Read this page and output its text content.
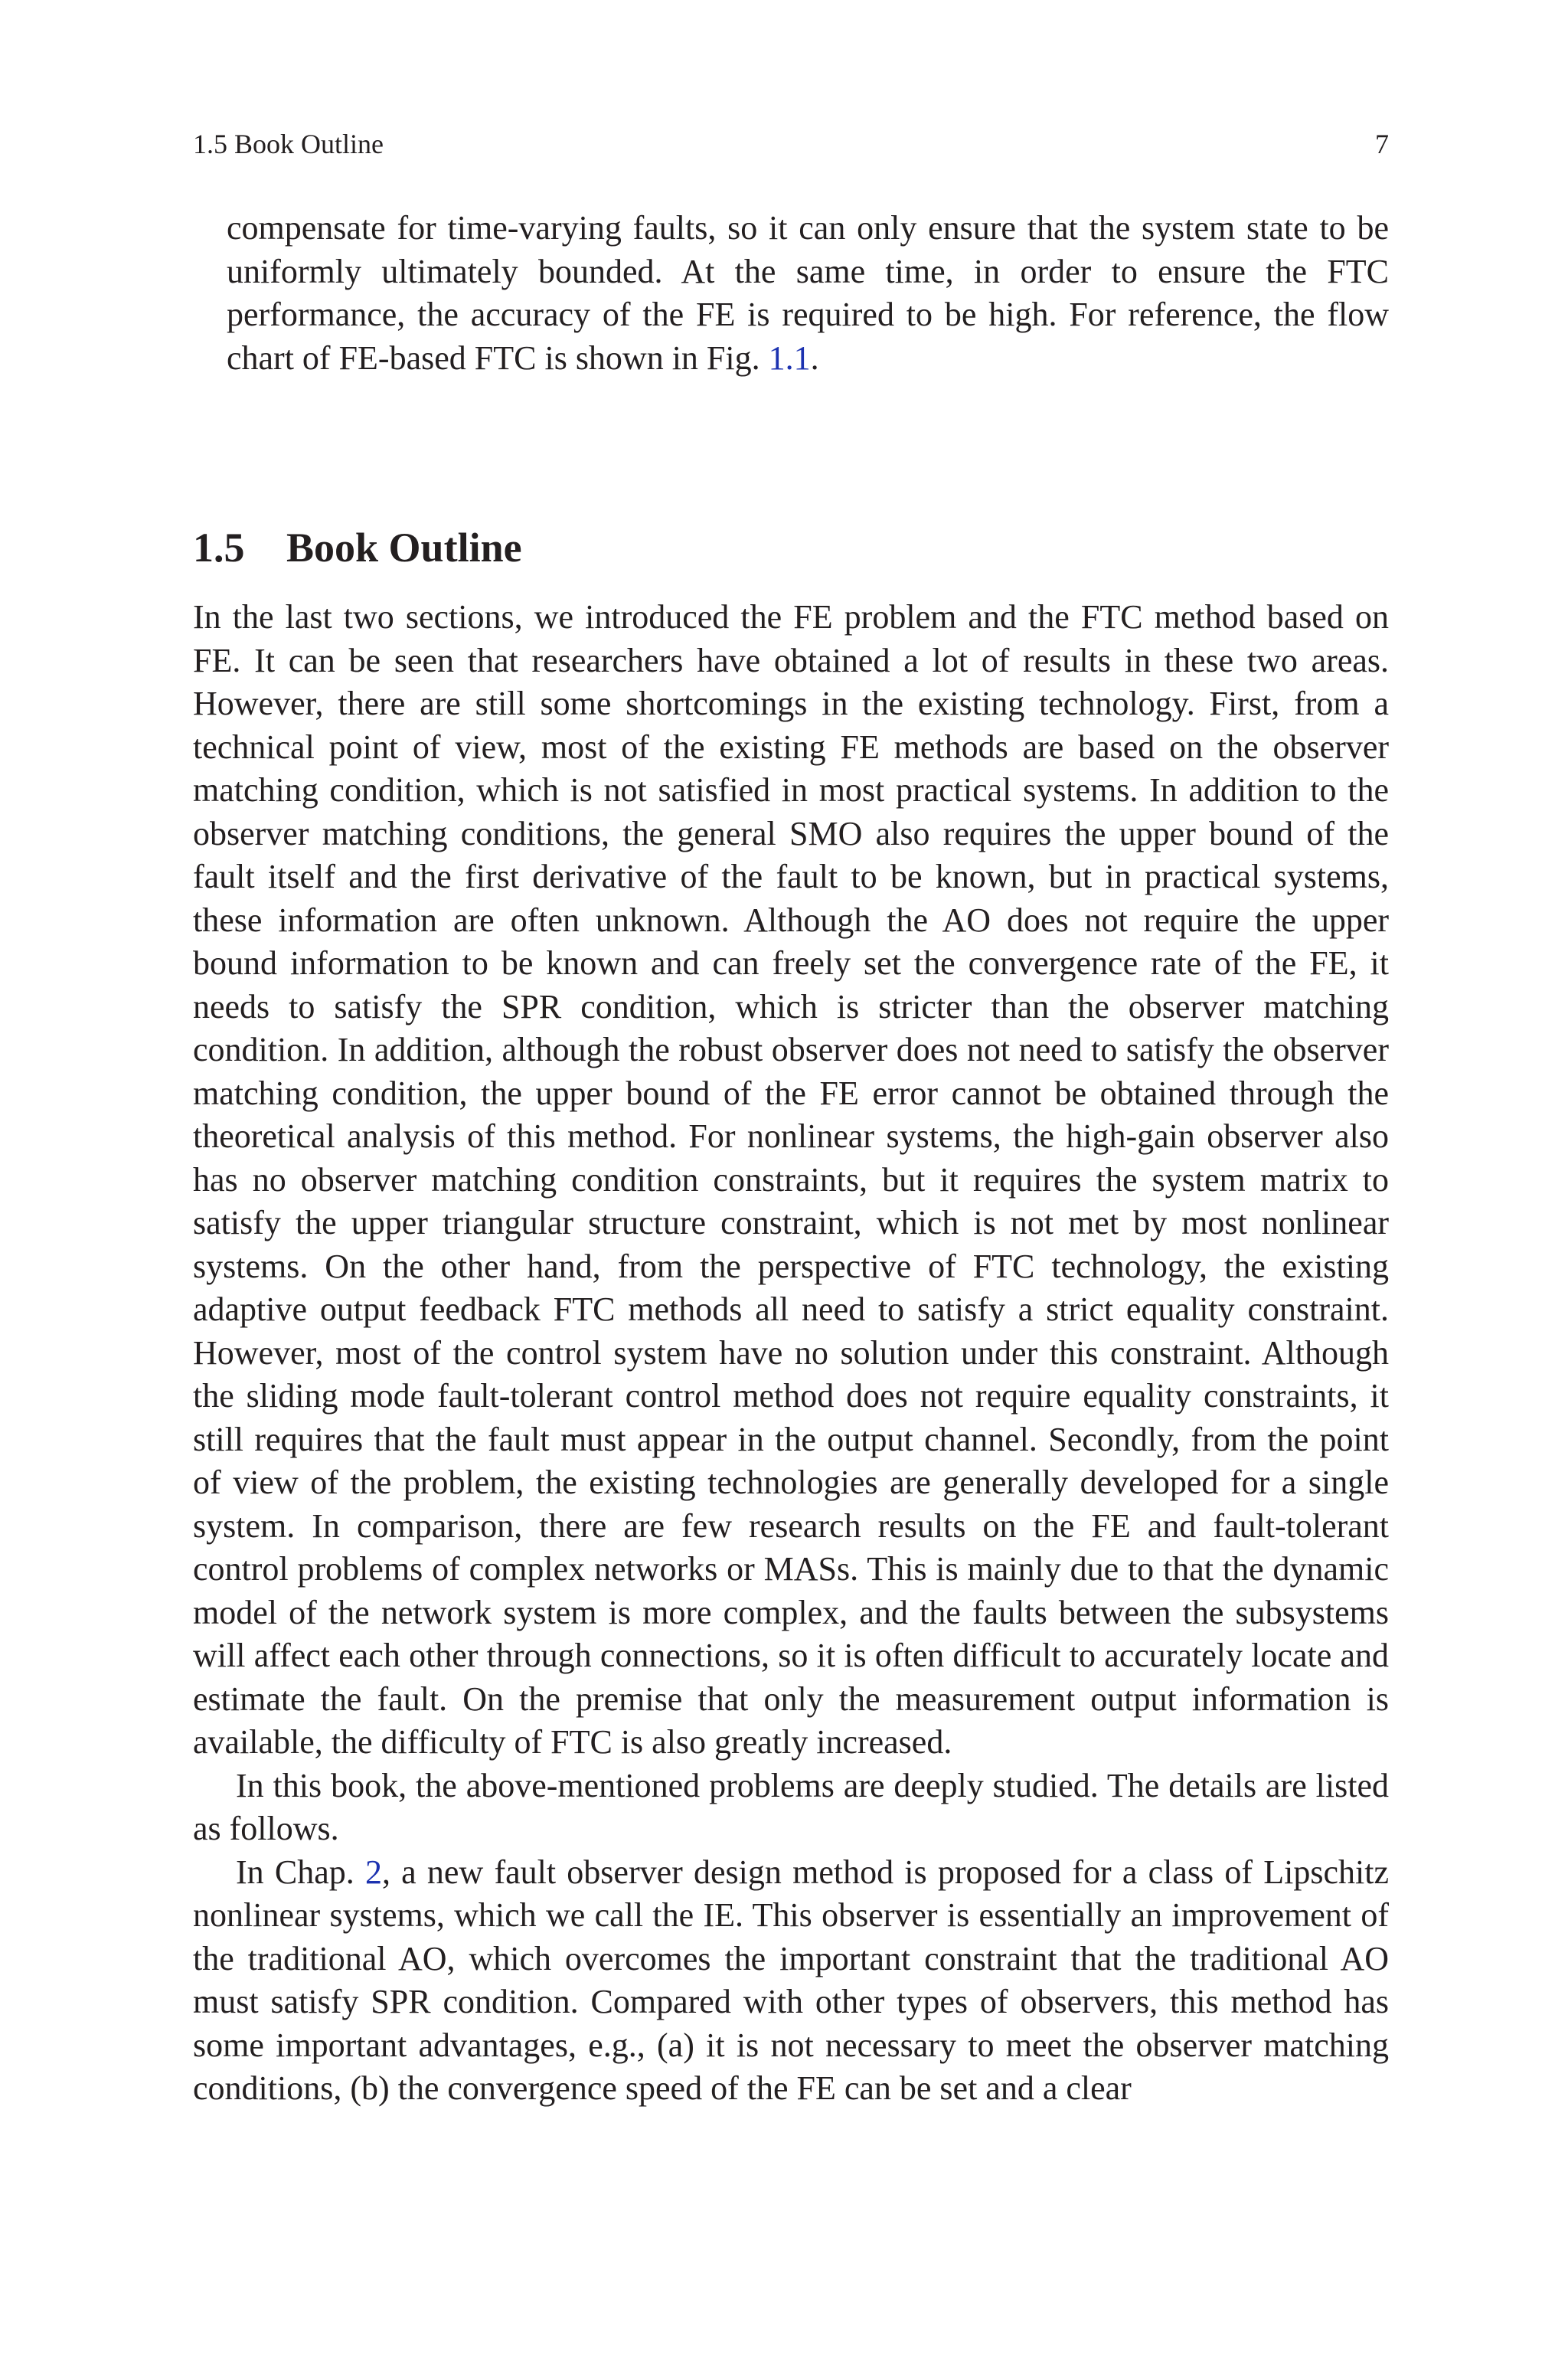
1.5 Book Outline	7

compensate for time-varying faults, so it can only ensure that the system state to be uniformly ultimately bounded. At the same time, in order to ensure the FTC performance, the accuracy of the FE is required to be high. For reference, the flow chart of FE-based FTC is shown in Fig. 1.1.

1.5 Book Outline

In the last two sections, we introduced the FE problem and the FTC method based on FE. It can be seen that researchers have obtained a lot of results in these two areas. However, there are still some shortcomings in the existing technology. First, from a technical point of view, most of the existing FE methods are based on the observer matching condition, which is not satisfied in most practical systems. In addition to the observer matching conditions, the general SMO also requires the upper bound of the fault itself and the first derivative of the fault to be known, but in practical systems, these information are often unknown. Although the AO does not require the upper bound information to be known and can freely set the convergence rate of the FE, it needs to satisfy the SPR condition, which is stricter than the observer matching condition. In addition, although the robust observer does not need to satisfy the observer matching condition, the upper bound of the FE error cannot be obtained through the theoretical analysis of this method. For nonlinear systems, the high-gain observer also has no observer matching condition constraints, but it requires the system matrix to satisfy the upper triangular structure constraint, which is not met by most nonlinear systems. On the other hand, from the perspective of FTC technology, the existing adaptive output feedback FTC methods all need to satisfy a strict equality constraint. However, most of the control system have no solution under this constraint. Although the sliding mode fault-tolerant control method does not require equality constraints, it still requires that the fault must appear in the output channel. Secondly, from the point of view of the problem, the existing technologies are generally developed for a single system. In comparison, there are few research results on the FE and fault-tolerant control problems of complex networks or MASs. This is mainly due to that the dynamic model of the network system is more complex, and the faults between the subsystems will affect each other through connections, so it is often difficult to accurately locate and estimate the fault. On the premise that only the measurement output information is available, the difficulty of FTC is also greatly increased.

In this book, the above-mentioned problems are deeply studied. The details are listed as follows.

In Chap. 2, a new fault observer design method is proposed for a class of Lipschitz nonlinear systems, which we call the IE. This observer is essentially an improvement of the traditional AO, which overcomes the important constraint that the traditional AO must satisfy SPR condition. Compared with other types of observers, this method has some important advantages, e.g., (a) it is not necessary to meet the observer matching conditions, (b) the convergence speed of the FE can be set and a clear
